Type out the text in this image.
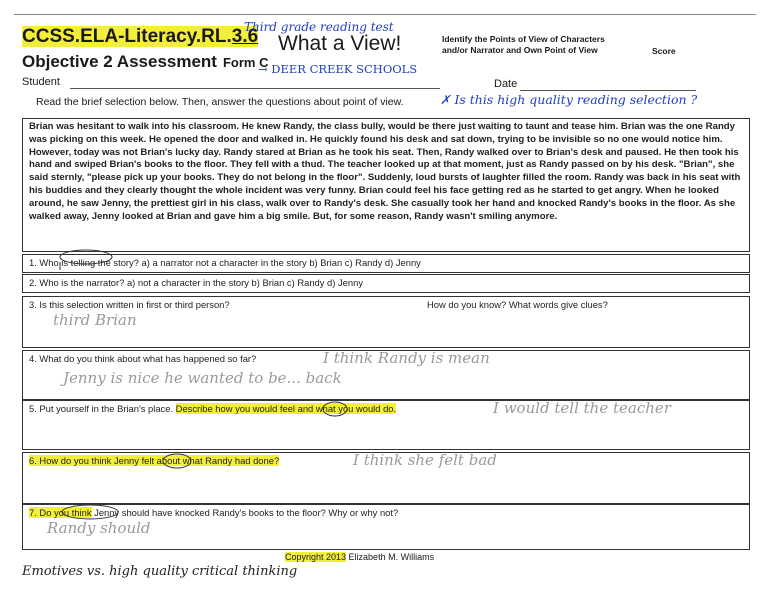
CCSS.ELA-Literacy.RL.3.6
Third grade reading test
What a View!	Identify the Points of View of Characters
and/or Narrator and Own Point of View	Score
Objective 2 Assessment Form C
→ DEER CREEK SCHOOLS
Student	Date
Read the brief selection below. Then, answer the questions about point of view.	✗ Is this high quality reading selection ?
Brian was hesitant to walk into his classroom. He knew Randy, the class bully, would be there just waiting to taunt and tease him. Brian was the one Randy was picking on this week. He opened the door and walked in. He quickly found his desk and sat down, trying to be invisible so no one would notice him. However, today was not Brian's lucky day. Randy stared at Brian as he took his seat. Then, Randy walked over to Brian's desk and paused. He then took his hand and swiped Brian's books to the floor. They fell with a thud. The teacher looked up at that moment, just as Randy passed on by his desk. "Brian", she said sternly, "please pick up your books. They do not belong in the floor". Suddenly, loud bursts of laughter filled the room. Randy was back in his seat with his buddies and they clearly thought the whole incident was very funny. Brian could feel his face getting red as he started to get angry. When he looked around, he saw Jenny, the prettiest girl in his class, walk over to Randy's desk. She casually took her hand and knocked Randy's books in the floor. As she walked away, Jenny looked at Brian and gave him a big smile. But, for some reason, Randy wasn't smiling anymore.
1. Who is telling the story? a) a narrator not a character in the story b) Brian c) Randy d) Jenny
2. Who is the narrator? a) not a character in the story b) Brian c) Randy d) Jenny
3. Is this selection written in first or third person?	How do you know? What words give clues?
third Brian
4. What do you think about what has happened so far?	I think Randy is mean
Jenny is nice he wanted to be... back
5. Put yourself in the Brian's place. Describe how you would feel and what you would do.	I would tell the teacher
6. How do you think Jenny felt about what Randy had done?	I think she felt bad
7. Do you think Jenny should have knocked Randy's books to the floor? Why or why not?
Randy should
Copyright 2013 Elizabeth M. Williams
Emotives vs. high quality critical thinking
